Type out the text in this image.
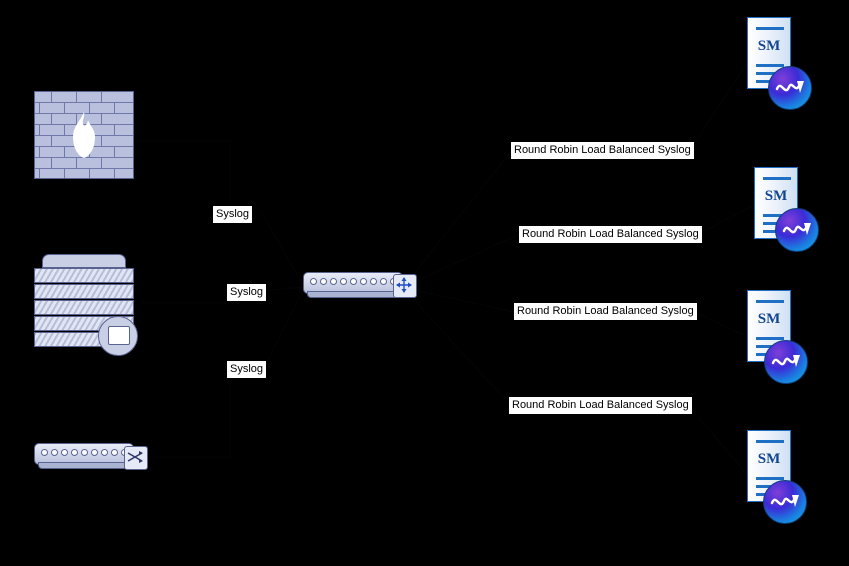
Syslog
Syslog
Syslog
Round Robin Load Balanced Syslog
Round Robin Load Balanced Syslog
Round Robin Load Balanced Syslog
Round Robin Load Balanced Syslog
SM
SM
SM
SM
